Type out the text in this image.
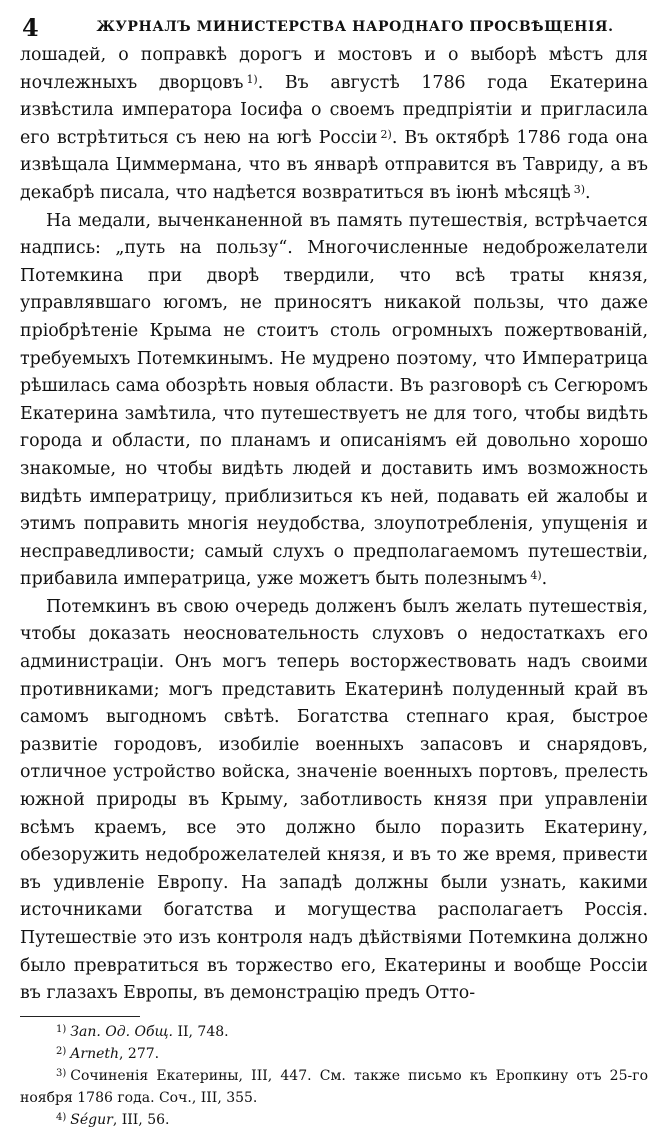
4	ЖУРНАЛЪ МИНИСТЕРСТВА НАРОДНАГО ПРОСВѢЩЕНІЯ.

лошадей, о поправкѣ дорогъ и мостовъ и о выборѣ мѣстъ для ночлежныхъ дворцовъ $^{1)}$. Въ августѣ 1786 года Екатерина извѣстила императора Іосифа о своемъ предпріятіи и пригласила его встрѣтиться съ нею на югѣ Россіи $^{2)}$. Въ октябрѣ 1786 года она извѣщала Циммермана, что въ январѣ отправится въ Тавриду, а въ декабрѣ писала, что надѣется возвратиться въ іюнѣ мѣсяцѣ $^{3)}$.

На медали, выченканенной въ память путешествія, встрѣчается надпись: „путь на пользу“. Многочисленные недоброжелатели Потемкина при дворѣ твердили, что всѣ траты князя, управлявшаго югомъ, не приносятъ никакой пользы, что даже пріобрѣтеніе Крыма не стоитъ столь огромныхъ пожертвованій, требуемыхъ Потемкинымъ. Не мудрено поэтому, что Императрица рѣшилась сама обозрѣть новыя области. Въ разговорѣ съ Сегюромъ Екатерина замѣтила, что путешествуетъ не для того, чтобы видѣть города и области, по планамъ и описаніямъ ей довольно хорошо знакомые, но чтобы видѣть людей и доставить имъ возможность видѣть императрицу, приблизиться къ ней, подавать ей жалобы и этимъ поправить многія неудобства, злоупотребленія, упущенія и несправедливости; самый слухъ о предполагаемомъ путешествіи, прибавила императрица, уже можетъ быть полезнымъ $^{4)}$.

Потемкинъ въ свою очередь долженъ былъ желать путешествія, чтобы доказать неосновательность слуховъ о недостаткахъ его администраціи. Онъ могъ теперь восторжествовать надъ своими противниками; могъ представить Екатеринѣ полуденный край въ самомъ выгодномъ свѣтѣ. Богатства степнаго края, быстрое развитіе городовъ, изобиліе военныхъ запасовъ и снарядовъ, отличное устройство войска, значеніе военныхъ портовъ, прелесть южной природы въ Крыму, заботливость князя при управленіи всѣмъ краемъ, все это должно было поразить Екатерину, обезоружить недоброжелателей князя, и въ то же время, привести въ удивленіе Европу. На западѣ должны были узнать, какими источниками богатства и могущества располагаетъ Россія. Путешествіе это изъ контроля надъ дѣйствіями Потемкина должно было превратиться въ торжество его, Екатерины и вообще Россіи въ глазахъ Европы, въ демонстрацію предъ Отто-

$^{1)}$ Зап. Од. Общ. II, 748.

$^{2)}$ Arneth, 277.

$^{3)}$ Сочиненія Екатерины, III, 447. См. также письмо къ Еропкину отъ 25-го ноября 1786 года. Соч., III, 355.

$^{4)}$ Ségur, III, 56.
